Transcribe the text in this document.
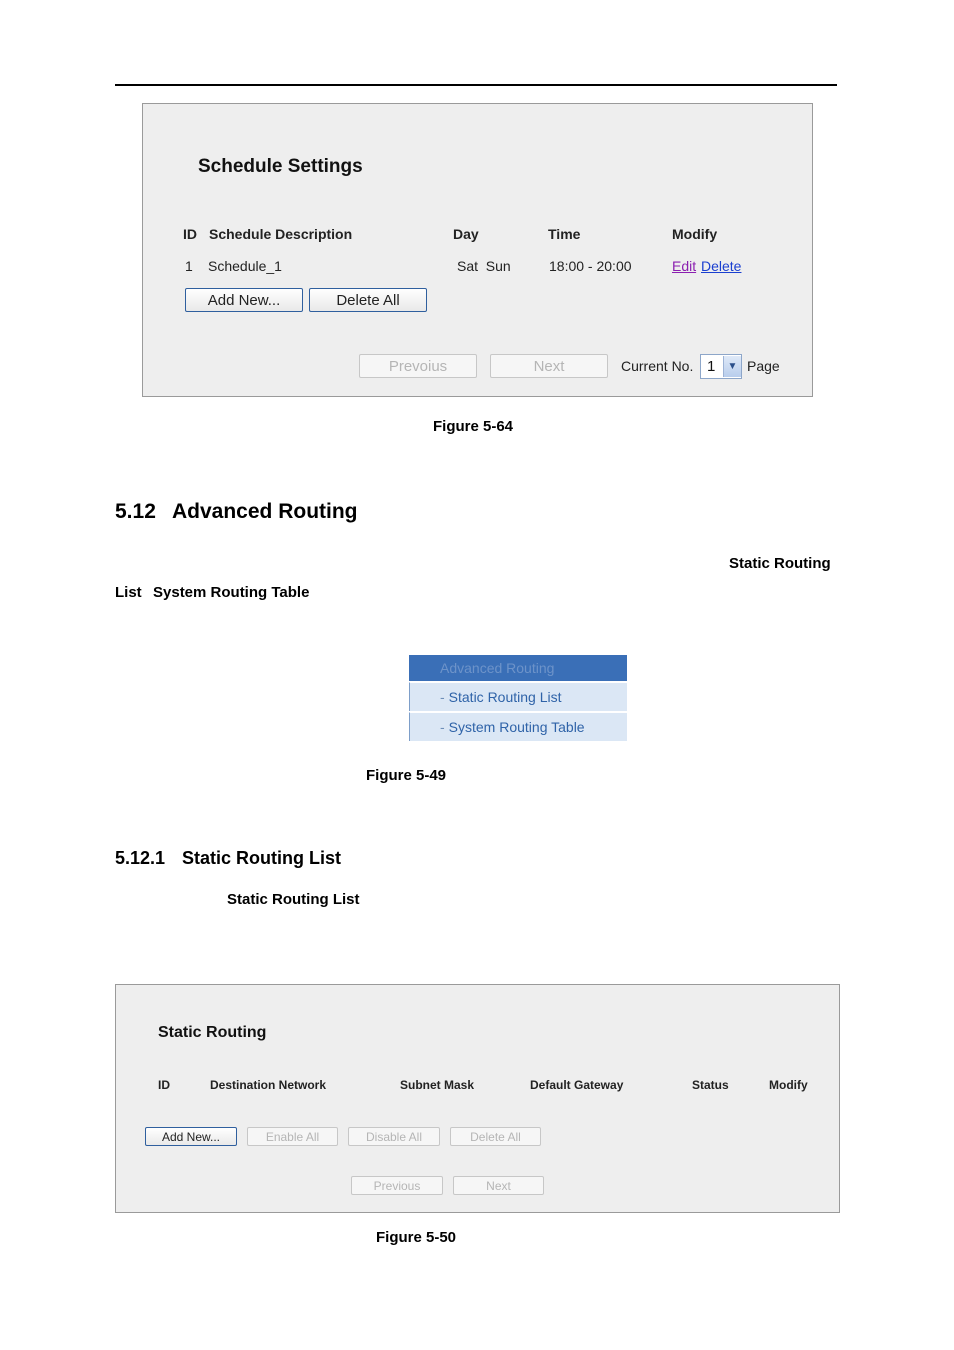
Schedule Settings
ID Schedule Description	Day	Time	Modify
1 Schedule_1	Sat  Sun	18:00 - 20:00	Edit Delete
Add New...	Delete All
Prevoius	Next	Current No. 1	▼ Page
Figure 5-64
5.12 Advanced Routing
Static Routing
List System Routing Table
Advanced Routing
- Static Routing List
- System Routing Table
Figure 5-49
5.12.1 Static Routing List
Static Routing List
Static Routing
ID	Destination Network	Subnet Mask	Default Gateway	Status	Modify
Add New...	Enable All	Disable All	Delete All
Previous	Next
Figure 5-50
